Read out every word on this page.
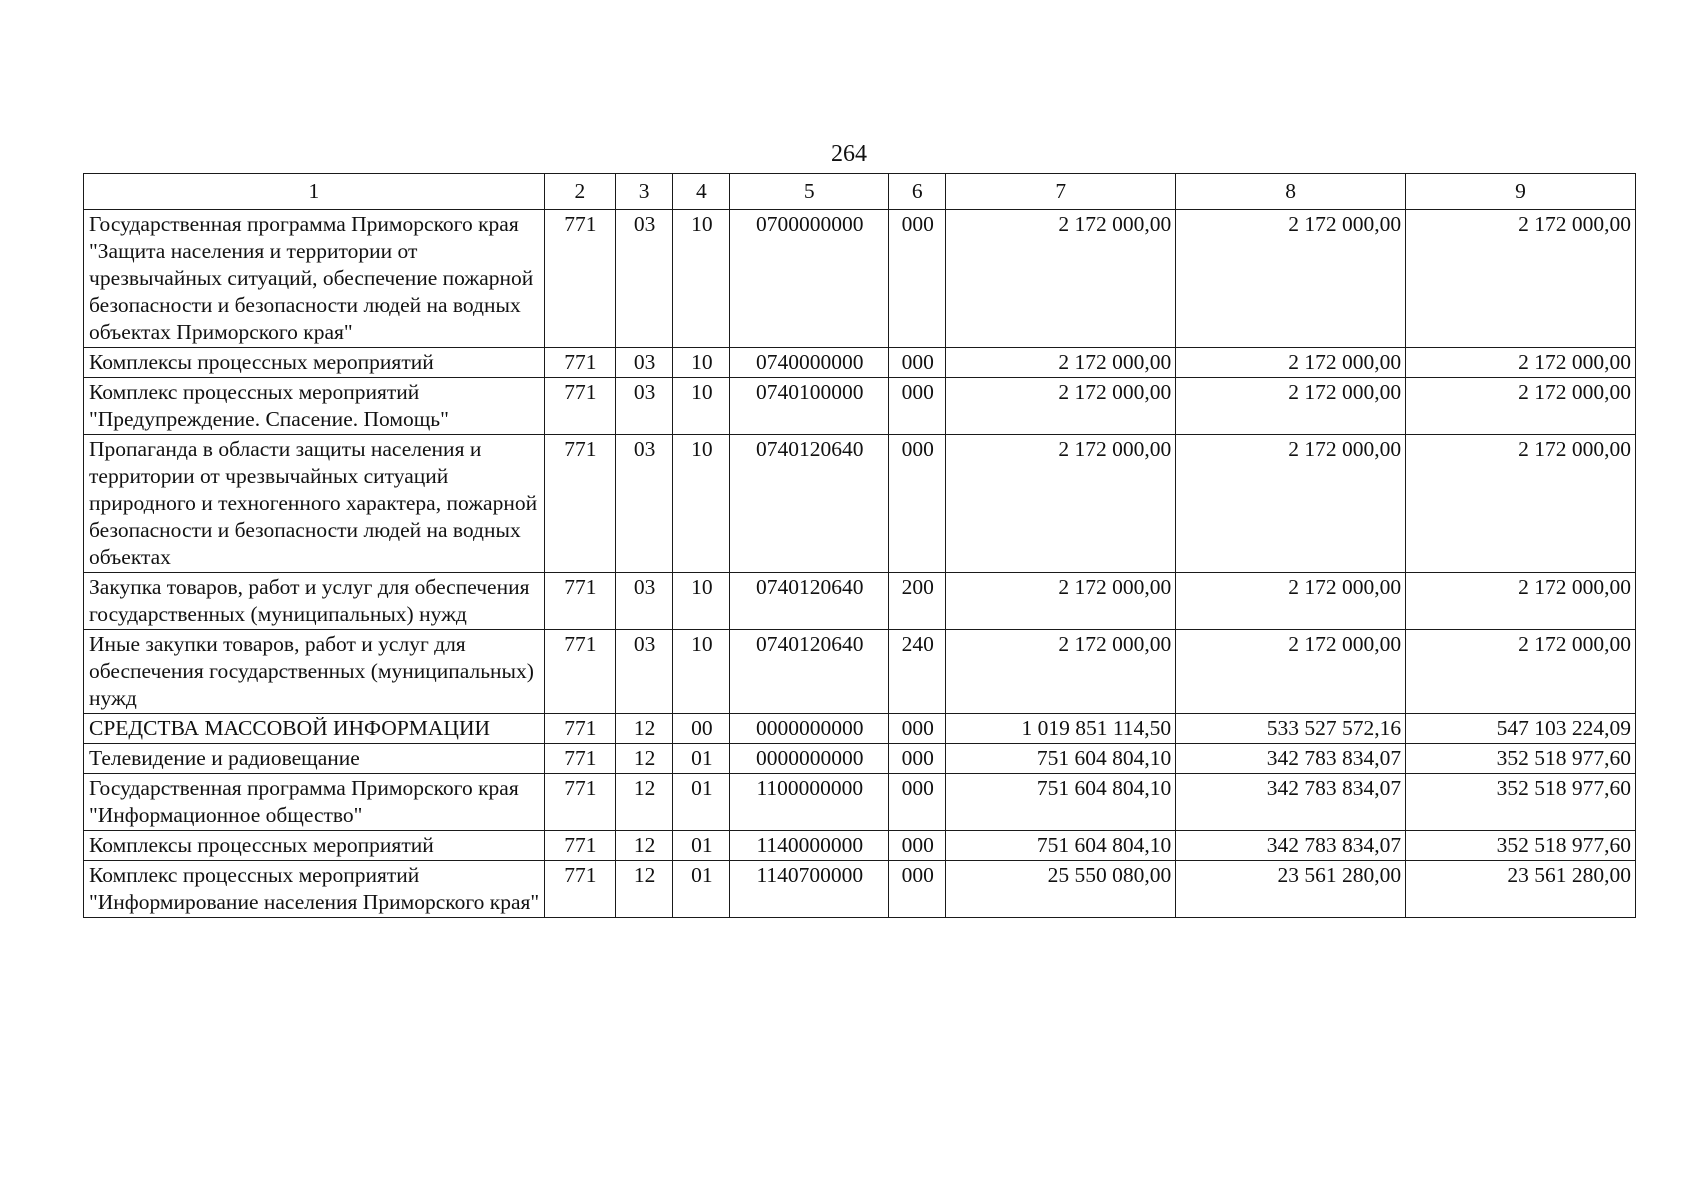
264
1	2	3	4	5	6	7	8	9
Государственная программа Приморского края "Защита населения и территории от чрезвычайных ситуаций, обеспечение пожарной безопасности и безопасности людей на водных объектах Приморского края"	771	03	10	0700000000	000	2 172 000,00	2 172 000,00	2 172 000,00
Комплексы процессных мероприятий	771	03	10	0740000000	000	2 172 000,00	2 172 000,00	2 172 000,00
Комплекс процессных мероприятий "Предупреждение. Спасение. Помощь"	771	03	10	0740100000	000	2 172 000,00	2 172 000,00	2 172 000,00
Пропаганда в области защиты населения и территории от чрезвычайных ситуаций природного и техногенного характера, пожарной безопасности и безопасности людей на водных объектах	771	03	10	0740120640	000	2 172 000,00	2 172 000,00	2 172 000,00
Закупка товаров, работ и услуг для обеспечения государственных (муниципальных) нужд	771	03	10	0740120640	200	2 172 000,00	2 172 000,00	2 172 000,00
Иные закупки товаров, работ и услуг для обеспечения государственных (муниципальных) нужд	771	03	10	0740120640	240	2 172 000,00	2 172 000,00	2 172 000,00
СРЕДСТВА МАССОВОЙ ИНФОРМАЦИИ	771	12	00	0000000000	000	1 019 851 114,50	533 527 572,16	547 103 224,09
Телевидение и радиовещание	771	12	01	0000000000	000	751 604 804,10	342 783 834,07	352 518 977,60
Государственная программа Приморского края "Информационное общество"	771	12	01	1100000000	000	751 604 804,10	342 783 834,07	352 518 977,60
Комплексы процессных мероприятий	771	12	01	1140000000	000	751 604 804,10	342 783 834,07	352 518 977,60
Комплекс процессных мероприятий "Информирование населения Приморского края"	771	12	01	1140700000	000	25 550 080,00	23 561 280,00	23 561 280,00
